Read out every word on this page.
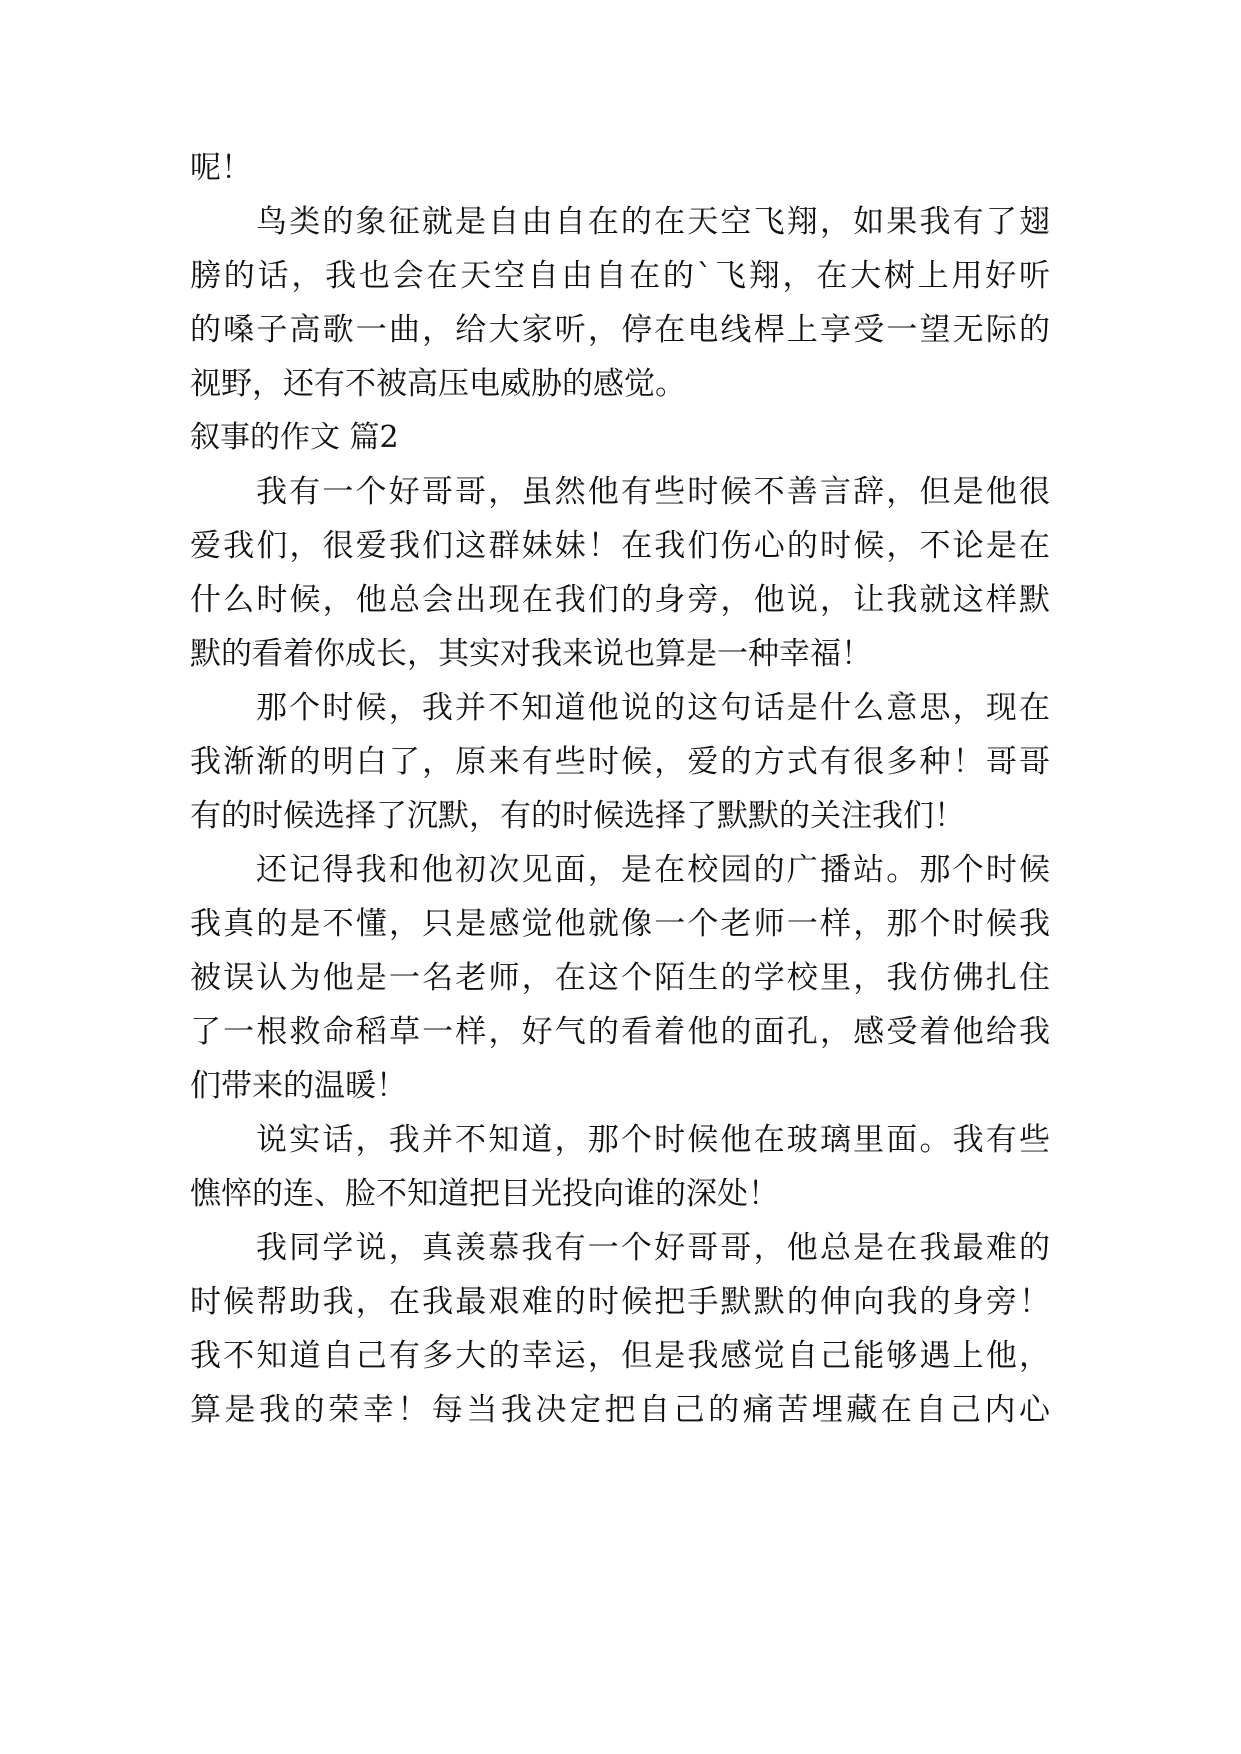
呢！
鸟类的象征就是自由自在的在天空飞翔，如果我有了翅
膀的话，我也会在天空自由自在的`飞翔，在大树上用好听
的嗓子高歌一曲，给大家听，停在电线桿上享受一望无际的
视野，还有不被高压电威胁的感觉。
叙事的作文 篇2
我有一个好哥哥，虽然他有些时候不善言辞，但是他很
爱我们，很爱我们这群妹妹！在我们伤心的时候，不论是在
什么时候，他总会出现在我们的身旁，他说，让我就这样默
默的看着你成长，其实对我来说也算是一种幸福！
那个时候，我并不知道他说的这句话是什么意思，现在
我渐渐的明白了，原来有些时候，爱的方式有很多种！哥哥
有的时候选择了沉默，有的时候选择了默默的关注我们！
还记得我和他初次见面，是在校园的广播站。那个时候
我真的是不懂，只是感觉他就像一个老师一样，那个时候我
被误认为他是一名老师，在这个陌生的学校里，我仿佛扎住
了一根救命稻草一样，好气的看着他的面孔，感受着他给我
们带来的温暖！
说实话，我并不知道，那个时候他在玻璃里面。我有些
憔悴的连、脸不知道把目光投向谁的深处！
我同学说，真羡慕我有一个好哥哥，他总是在我最难的
时候帮助我，在我最艰难的时候把手默默的伸向我的身旁！
我不知道自己有多大的幸运，但是我感觉自己能够遇上他，
算是我的荣幸！每当我决定把自己的痛苦埋藏在自己内心
